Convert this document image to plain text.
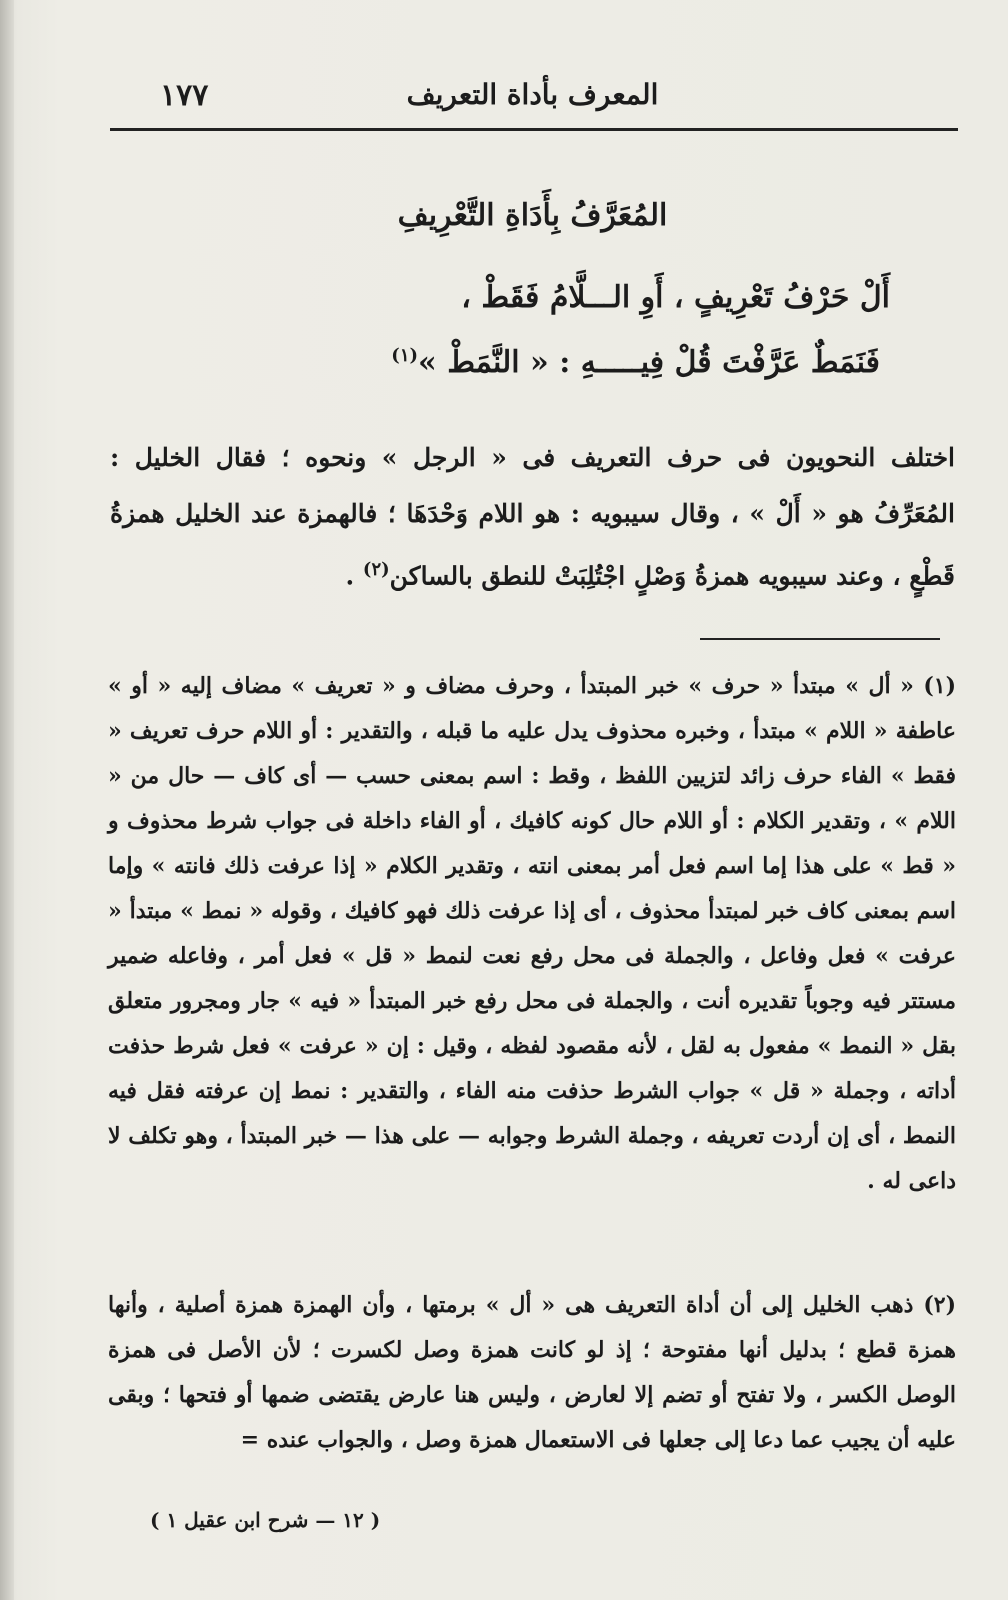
١٧٧	المعرف بأداة التعريف
المُعَرَّفُ بِأَدَاةِ التَّعْرِيفِ
أَلْ حَرْفُ تَعْرِيفٍ ، أَوِ الـــلَّامُ فَقَطْ ،
فَنَمَطٌ عَرَّفْتَ قُلْ فِيـــــهِ : « النَّمَطْ »$^{(١)}$
اختلف النحويون فى حرف التعريف فى « الرجل » ونحوه ؛ فقال الخليل : المُعَرِّفُ هو « أَلْ » ، وقال سيبويه : هو اللام وَحْدَهَا ؛ فالهمزة عند الخليل همزةُ قَطْعٍ ، وعند سيبويه همزةُ وَصْلٍ اجْتُلِبَتْ للنطق بالساكن$^{(٢)}$ .
(١) « أل » مبتدأ « حرف » خبر المبتدأ ، وحرف مضاف و « تعريف » مضاف إليه « أو » عاطفة « اللام » مبتدأ ، وخبره محذوف يدل عليه ما قبله ، والتقدير : أو اللام حرف تعريف « فقط » الفاء حرف زائد لتزيين اللفظ ، وقط : اسم بمعنى حسب — أى كاف — حال من « اللام » ، وتقدير الكلام : أو اللام حال كونه كافيك ، أو الفاء داخلة فى جواب شرط محذوف و « قط » على هذا إما اسم فعل أمر بمعنى انته ، وتقدير الكلام « إذا عرفت ذلك فانته » وإما اسم بمعنى كاف خبر لمبتدأ محذوف ، أى إذا عرفت ذلك فهو كافيك ، وقوله « نمط » مبتدأ « عرفت » فعل وفاعل ، والجملة فى محل رفع نعت لنمط « قل » فعل أمر ، وفاعله ضمير مستتر فيه وجوباً تقديره أنت ، والجملة فى محل رفع خبر المبتدأ « فيه » جار ومجرور متعلق بقل « النمط » مفعول به لقل ، لأنه مقصود لفظه ، وقيل : إن « عرفت » فعل شرط حذفت أداته ، وجملة « قل » جواب الشرط حذفت منه الفاء ، والتقدير : نمط إن عرفته فقل فيه النمط ، أى إن أردت تعريفه ، وجملة الشرط وجوابه — على هذا — خبر المبتدأ ، وهو تكلف لا داعى له .
(٢) ذهب الخليل إلى أن أداة التعريف هى « أل » برمتها ، وأن الهمزة همزة أصلية ، وأنها همزة قطع ؛ بدليل أنها مفتوحة ؛ إذ لو كانت همزة وصل لكسرت ؛ لأن الأصل فى همزة الوصل الكسر ، ولا تفتح أو تضم إلا لعارض ، وليس هنا عارض يقتضى ضمها أو فتحها ؛ وبقى عليه أن يجيب عما دعا إلى جعلها فى الاستعمال همزة وصل ، والجواب عنده =
( ١٢ — شرح ابن عقيل ١ )
